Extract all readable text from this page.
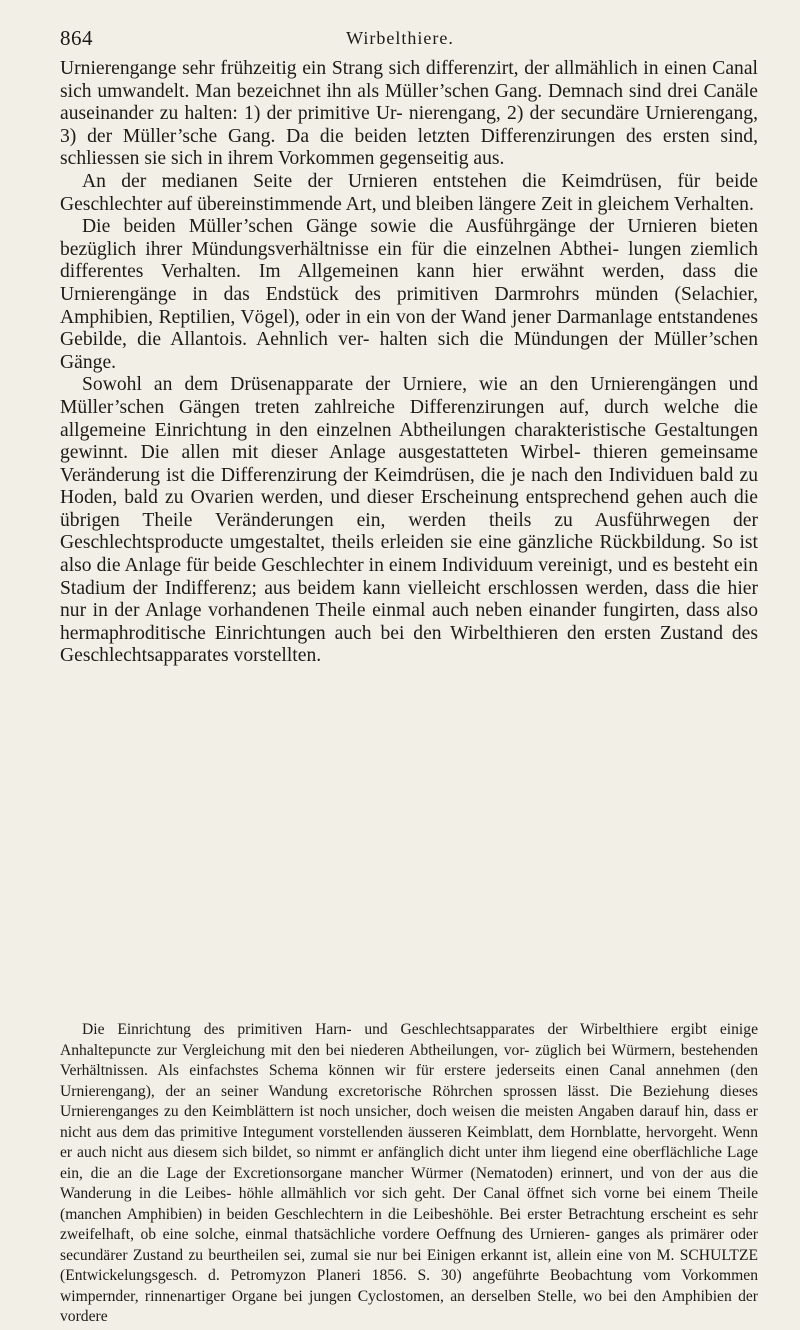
864	Wirbelthiere.

Urnierengange sehr frühzeitig ein Strang sich differenzirt, der allmählich in einen Canal sich umwandelt. Man bezeichnet ihn als Müller’schen Gang. Demnach sind drei Canäle auseinander zu halten: 1) der primitive Ur- nierengang, 2) der secundäre Urnierengang, 3) der Müller’sche Gang. Da die beiden letzten Differenzirungen des ersten sind, schliessen sie sich in ihrem Vorkommen gegenseitig aus.

An der medianen Seite der Urnieren entstehen die Keimdrüsen, für beide Geschlechter auf übereinstimmende Art, und bleiben längere Zeit in gleichem Verhalten.

Die beiden Müller’schen Gänge sowie die Ausführgänge der Urnieren bieten bezüglich ihrer Mündungsverhältnisse ein für die einzelnen Abthei- lungen ziemlich differentes Verhalten. Im Allgemeinen kann hier erwähnt werden, dass die Urnierengänge in das Endstück des primitiven Darmrohrs münden (Selachier, Amphibien, Reptilien, Vögel), oder in ein von der Wand jener Darmanlage entstandenes Gebilde, die Allantois. Aehnlich ver- halten sich die Mündungen der Müller’schen Gänge.

Sowohl an dem Drüsenapparate der Urniere, wie an den Urnierengängen und Müller’schen Gängen treten zahlreiche Differenzirungen auf, durch welche die allgemeine Einrichtung in den einzelnen Abtheilungen charakteristische Gestaltungen gewinnt. Die allen mit dieser Anlage ausgestatteten Wirbel- thieren gemeinsame Veränderung ist die Differenzirung der Keimdrüsen, die je nach den Individuen bald zu Hoden, bald zu Ovarien werden, und dieser Erscheinung entsprechend gehen auch die übrigen Theile Veränderungen ein, werden theils zu Ausführwegen der Geschlechtsproducte umgestaltet, theils erleiden sie eine gänzliche Rückbildung. So ist also die Anlage für beide Geschlechter in einem Individuum vereinigt, und es besteht ein Stadium der Indifferenz; aus beidem kann vielleicht erschlossen werden, dass die hier nur in der Anlage vorhandenen Theile einmal auch neben einander fungirten, dass also hermaphroditische Einrichtungen auch bei den Wirbelthieren den ersten Zustand des Geschlechtsapparates vorstellten.

Die Einrichtung des primitiven Harn- und Geschlechtsapparates der Wirbelthiere ergibt einige Anhaltepuncte zur Vergleichung mit den bei niederen Abtheilungen, vor- züglich bei Würmern, bestehenden Verhältnissen. Als einfachstes Schema können wir für erstere jederseits einen Canal annehmen (den Urnierengang), der an seiner Wandung excretorische Röhrchen sprossen lässt. Die Beziehung dieses Urnierenganges zu den Keimblättern ist noch unsicher, doch weisen die meisten Angaben darauf hin, dass er nicht aus dem das primitive Integument vorstellenden äusseren Keimblatt, dem Hornblatte, hervorgeht. Wenn er auch nicht aus diesem sich bildet, so nimmt er anfänglich dicht unter ihm liegend eine oberflächliche Lage ein, die an die Lage der Excretionsorgane mancher Würmer (Nematoden) erinnert, und von der aus die Wanderung in die Leibes- höhle allmählich vor sich geht. Der Canal öffnet sich vorne bei einem Theile (manchen Amphibien) in beiden Geschlechtern in die Leibeshöhle. Bei erster Betrachtung erscheint es sehr zweifelhaft, ob eine solche, einmal thatsächliche vordere Oeffnung des Urnieren- ganges als primärer oder secundärer Zustand zu beurtheilen sei, zumal sie nur bei Einigen erkannt ist, allein eine von M. SCHULTZE (Entwickelungsgesch. d. Petromyzon Planeri 1856. S. 30) angeführte Beobachtung vom Vorkommen wimpernder, rinnenartiger Organe bei jungen Cyclostomen, an derselben Stelle, wo bei den Amphibien der vordere
